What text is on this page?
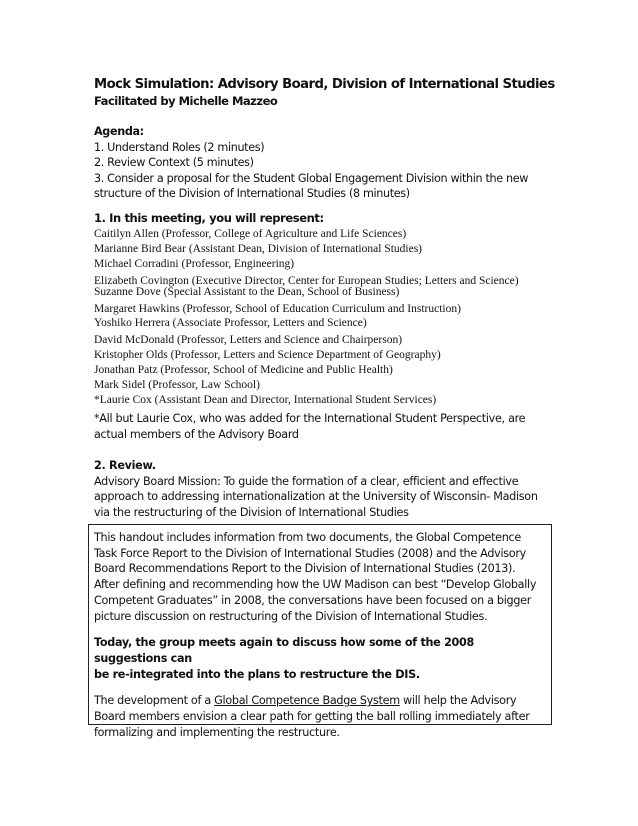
Mock Simulation: Advisory Board, Division of International Studies
Facilitated by Michelle Mazzeo
Agenda:
1. Understand Roles (2 minutes)
2. Review Context (5 minutes)
3. Consider a proposal for the Student Global Engagement Division within the new
structure of the Division of International Studies (8 minutes)
1. In this meeting, you will represent:
Caitilyn Allen (Professor, College of Agriculture and Life Sciences)
Marianne Bird Bear (Assistant Dean, Division of International Studies)
Michael Corradini (Professor, Engineering)
Elizabeth Covington (Executive Director, Center for European Studies; Letters and Science)
Suzanne Dove (Special Assistant to the Dean, School of Business)
Margaret Hawkins (Professor, School of Education Curriculum and Instruction)
Yoshiko Herrera (Associate Professor, Letters and Science)
David McDonald (Professor, Letters and Science and Chairperson)
Kristopher Olds (Professor, Letters and Science Department of Geography)
Jonathan Patz (Professor, School of Medicine and Public Health)
Mark Sidel (Professor, Law School)
*Laurie Cox (Assistant Dean and Director, International Student Services)
*All but Laurie Cox, who was added for the International Student Perspective, are
actual members of the Advisory Board
2. Review.
Advisory Board Mission: To guide the formation of a clear, efficient and effective
approach to addressing internationalization at the University of Wisconsin- Madison
via the restructuring of the Division of International Studies

This handout includes information from two documents, the Global Competence
Task Force Report to the Division of International Studies (2008) and the Advisory
Board Recommendations Report to the Division of International Studies (2013).
After defining and recommending how the UW Madison can best “Develop Globally
Competent Graduates” in 2008, the conversations have been focused on a bigger
picture discussion on restructuring of the Division of International Studies.

Today, the group meets again to discuss how some of the 2008 suggestions can
be re-integrated into the plans to restructure the DIS.

The development of a Global Competence Badge System will help the Advisory
Board members envision a clear path for getting the ball rolling immediately after
formalizing and implementing the restructure.
